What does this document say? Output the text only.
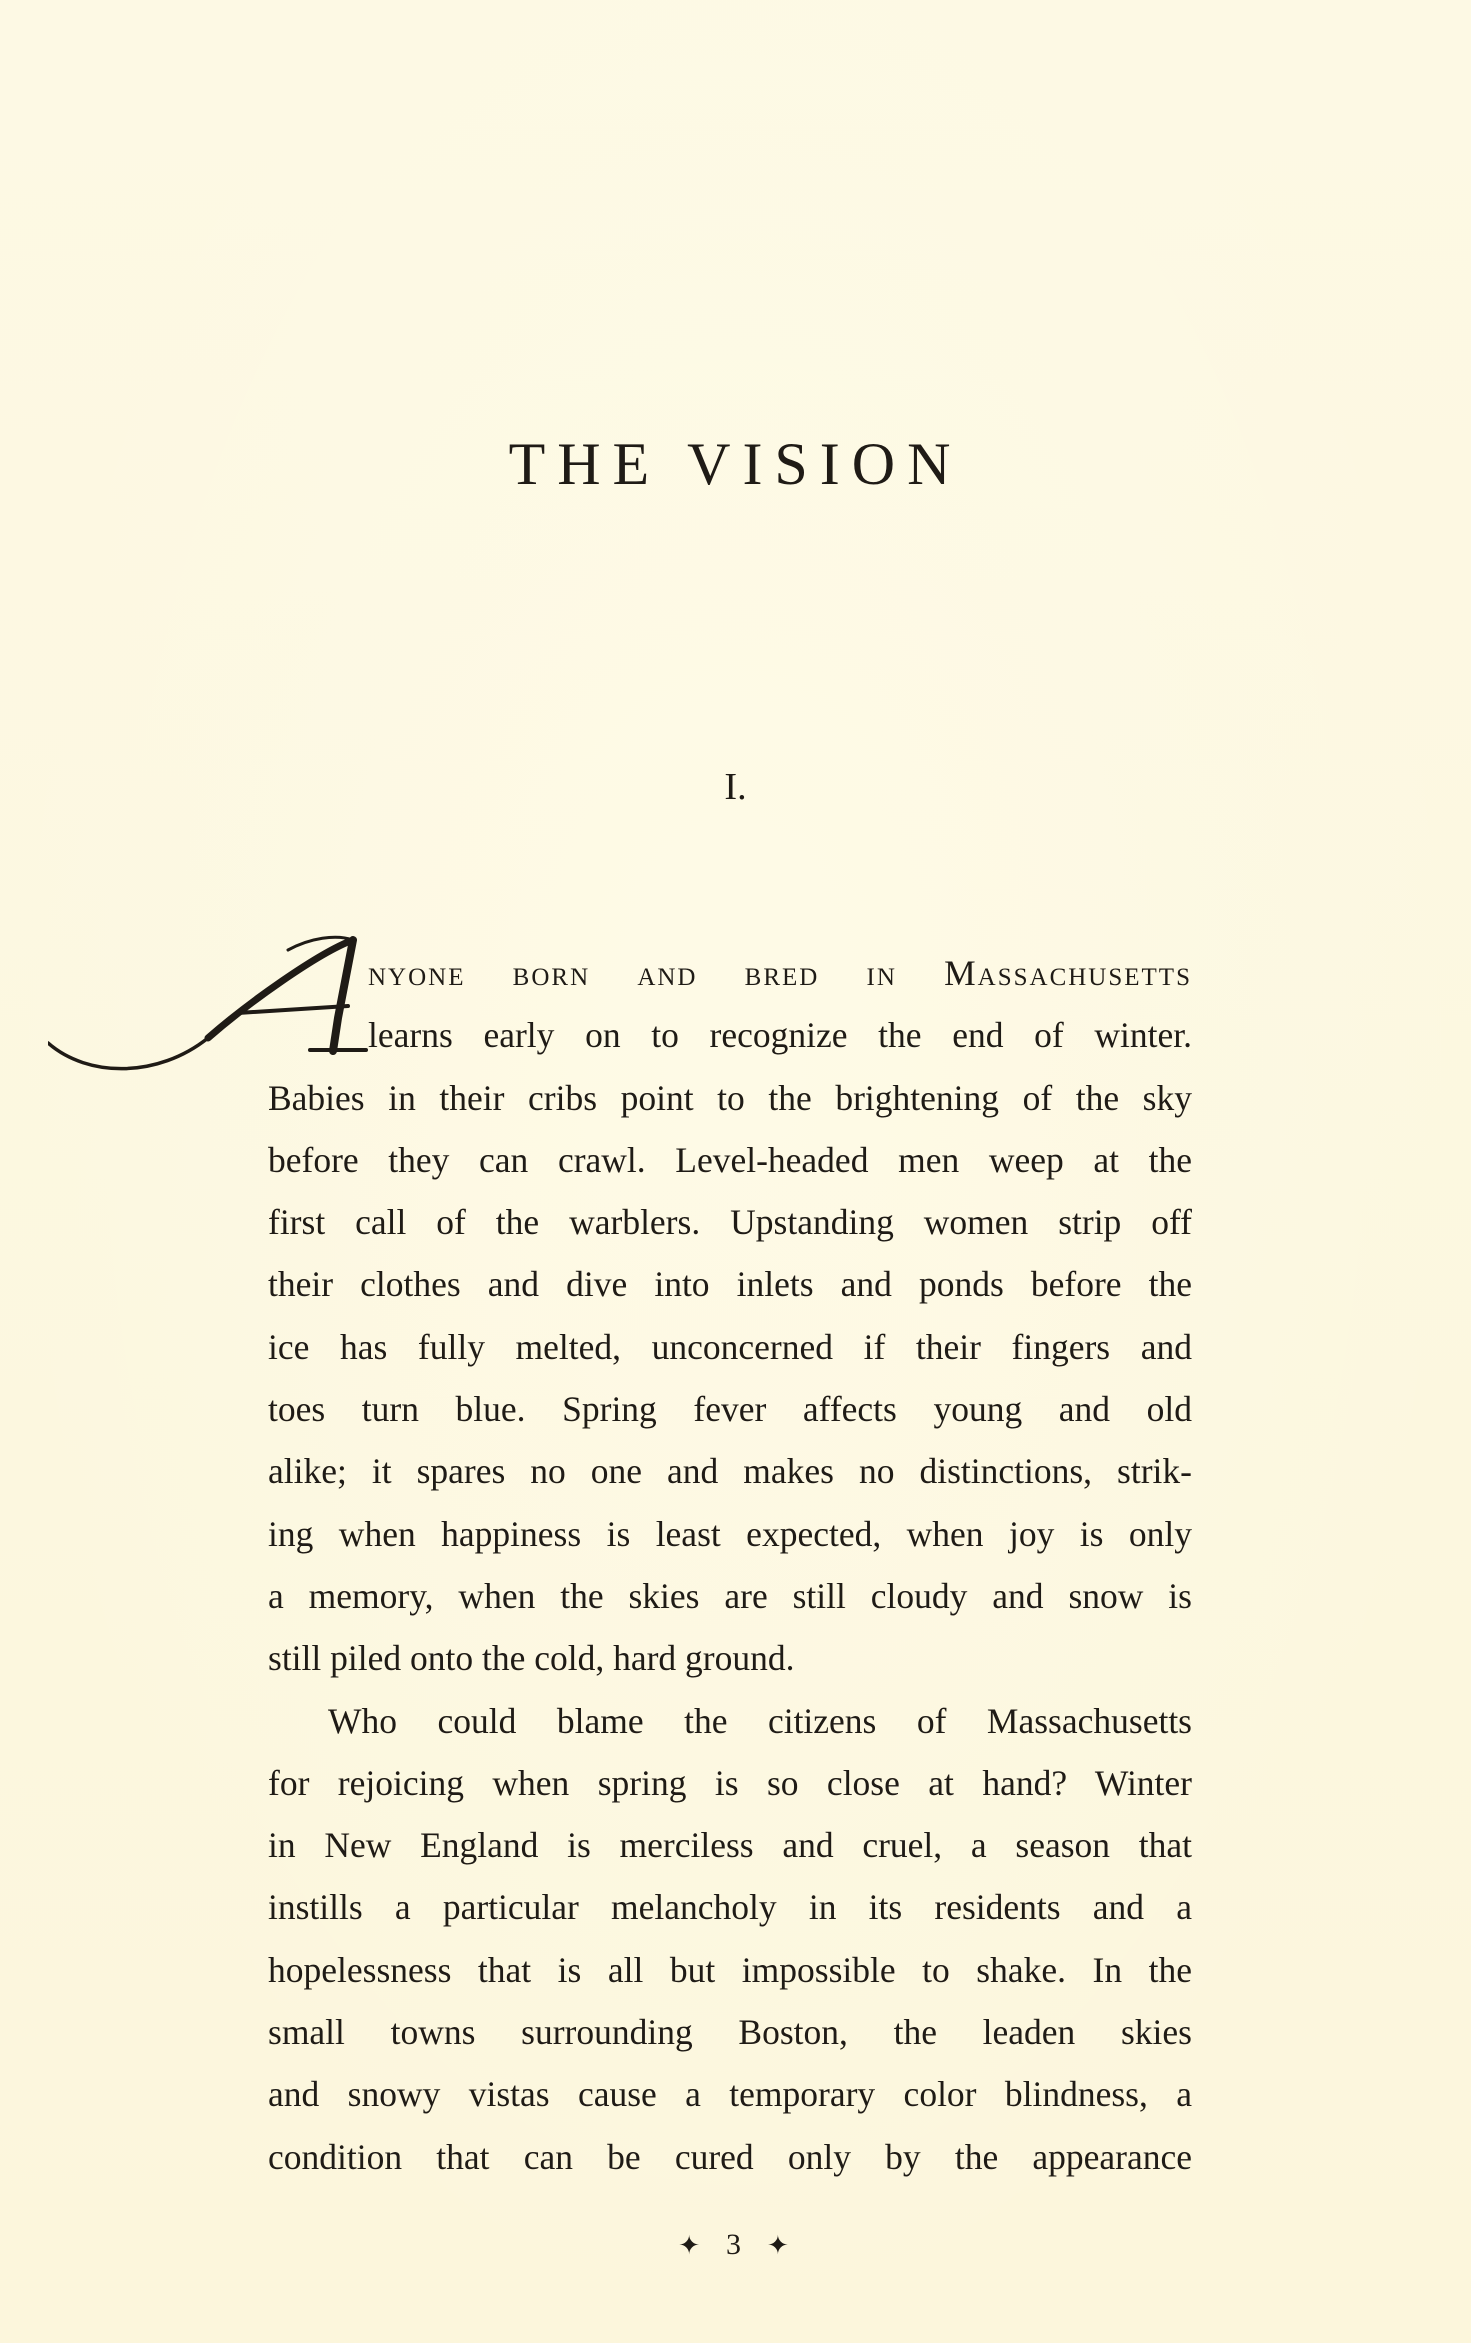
THE VISION
I.
nyone born and bred in Massachusetts
learns early on to recognize the end of winter.
Babies in their cribs point to the brightening of the sky
before they can crawl. Level-headed men weep at the
first call of the warblers. Upstanding women strip off
their clothes and dive into inlets and ponds before the
ice has fully melted, unconcerned if their fingers and
toes turn blue. Spring fever affects young and old
alike; it spares no one and makes no distinctions, strik-
ing when happiness is least expected, when joy is only
a memory, when the skies are still cloudy and snow is
still piled onto the cold, hard ground.
Who could blame the citizens of Massachusetts
for rejoicing when spring is so close at hand? Winter
in New England is merciless and cruel, a season that
instills a particular melancholy in its residents and a
hopelessness that is all but impossible to shake. In the
small towns surrounding Boston, the leaden skies
and snowy vistas cause a temporary color blindness, a
condition that can be cured only by the appearance
✦ 3 ✦
